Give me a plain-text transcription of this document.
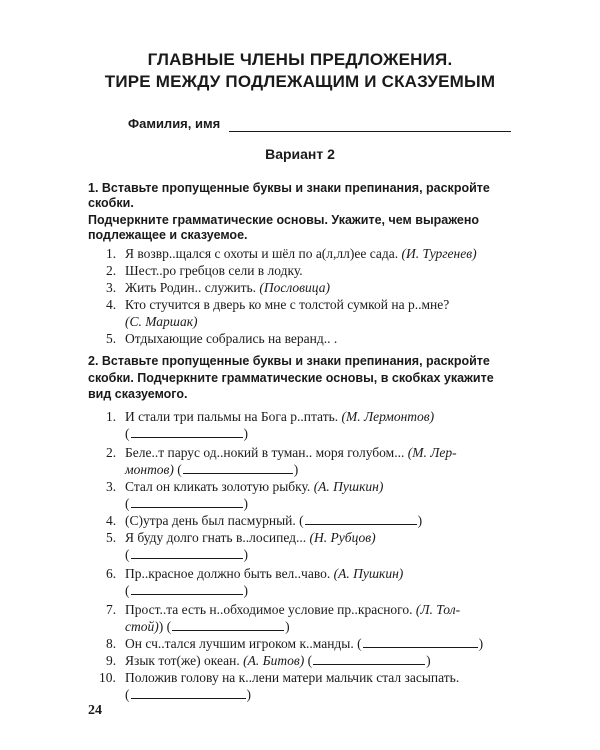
ГЛАВНЫЕ ЧЛЕНЫ ПРЕДЛОЖЕНИЯ.
ТИРЕ МЕЖДУ ПОДЛЕЖАЩИМ И СКАЗУЕМЫМ
Фамилия, имя
Вариант 2
1. Вставьте пропущенные буквы и знаки препинания, раскройте
скобки.
Подчеркните грамматические основы. Укажите, чем выражено
подлежащее и сказуемое.
1. Я возвр..щался с охоты и шёл по а(л,лл)ее сада. (И. Тургенев)
2. Шест..ро гребцов сели в лодку.
3. Жить Родин.. служить. (Пословица)
4. Кто стучится в дверь ко мне с толстой сумкой на р..мне?
(С. Маршак)
5. Отдыхающие собрались на веранд.. .
2. Вставьте пропущенные буквы и знаки препинания, раскройте
скобки. Подчеркните грамматические основы, в скобках укажите
вид сказуемого.
1. И стали три пальмы на Бога р..птать. (М. Лермонтов)
(	)
2. Беле..т парус од..нокий в туман.. моря голубом... (М. Лер-
монтов) (	)
3. Стал он кликать золотую рыбку. (А. Пушкин)
(	)
4. (С)утра день был пасмурный. (	)
5. Я буду долго гнать в..лосипед... (Н. Рубцов)
(	)
6. Пр..красное должно быть вел..чаво. (А. Пушкин)
(	)
7. Прост..та есть н..обходимое условие пр..красного. (Л. Тол-
стой)) (	)
8. Он сч..тался лучшим игроком к..манды. (	)
9. Язык тот(же) океан. (А. Битов) (	)
10. Положив голову на к..лени матери мальчик стал засыпать.
(	)
24
